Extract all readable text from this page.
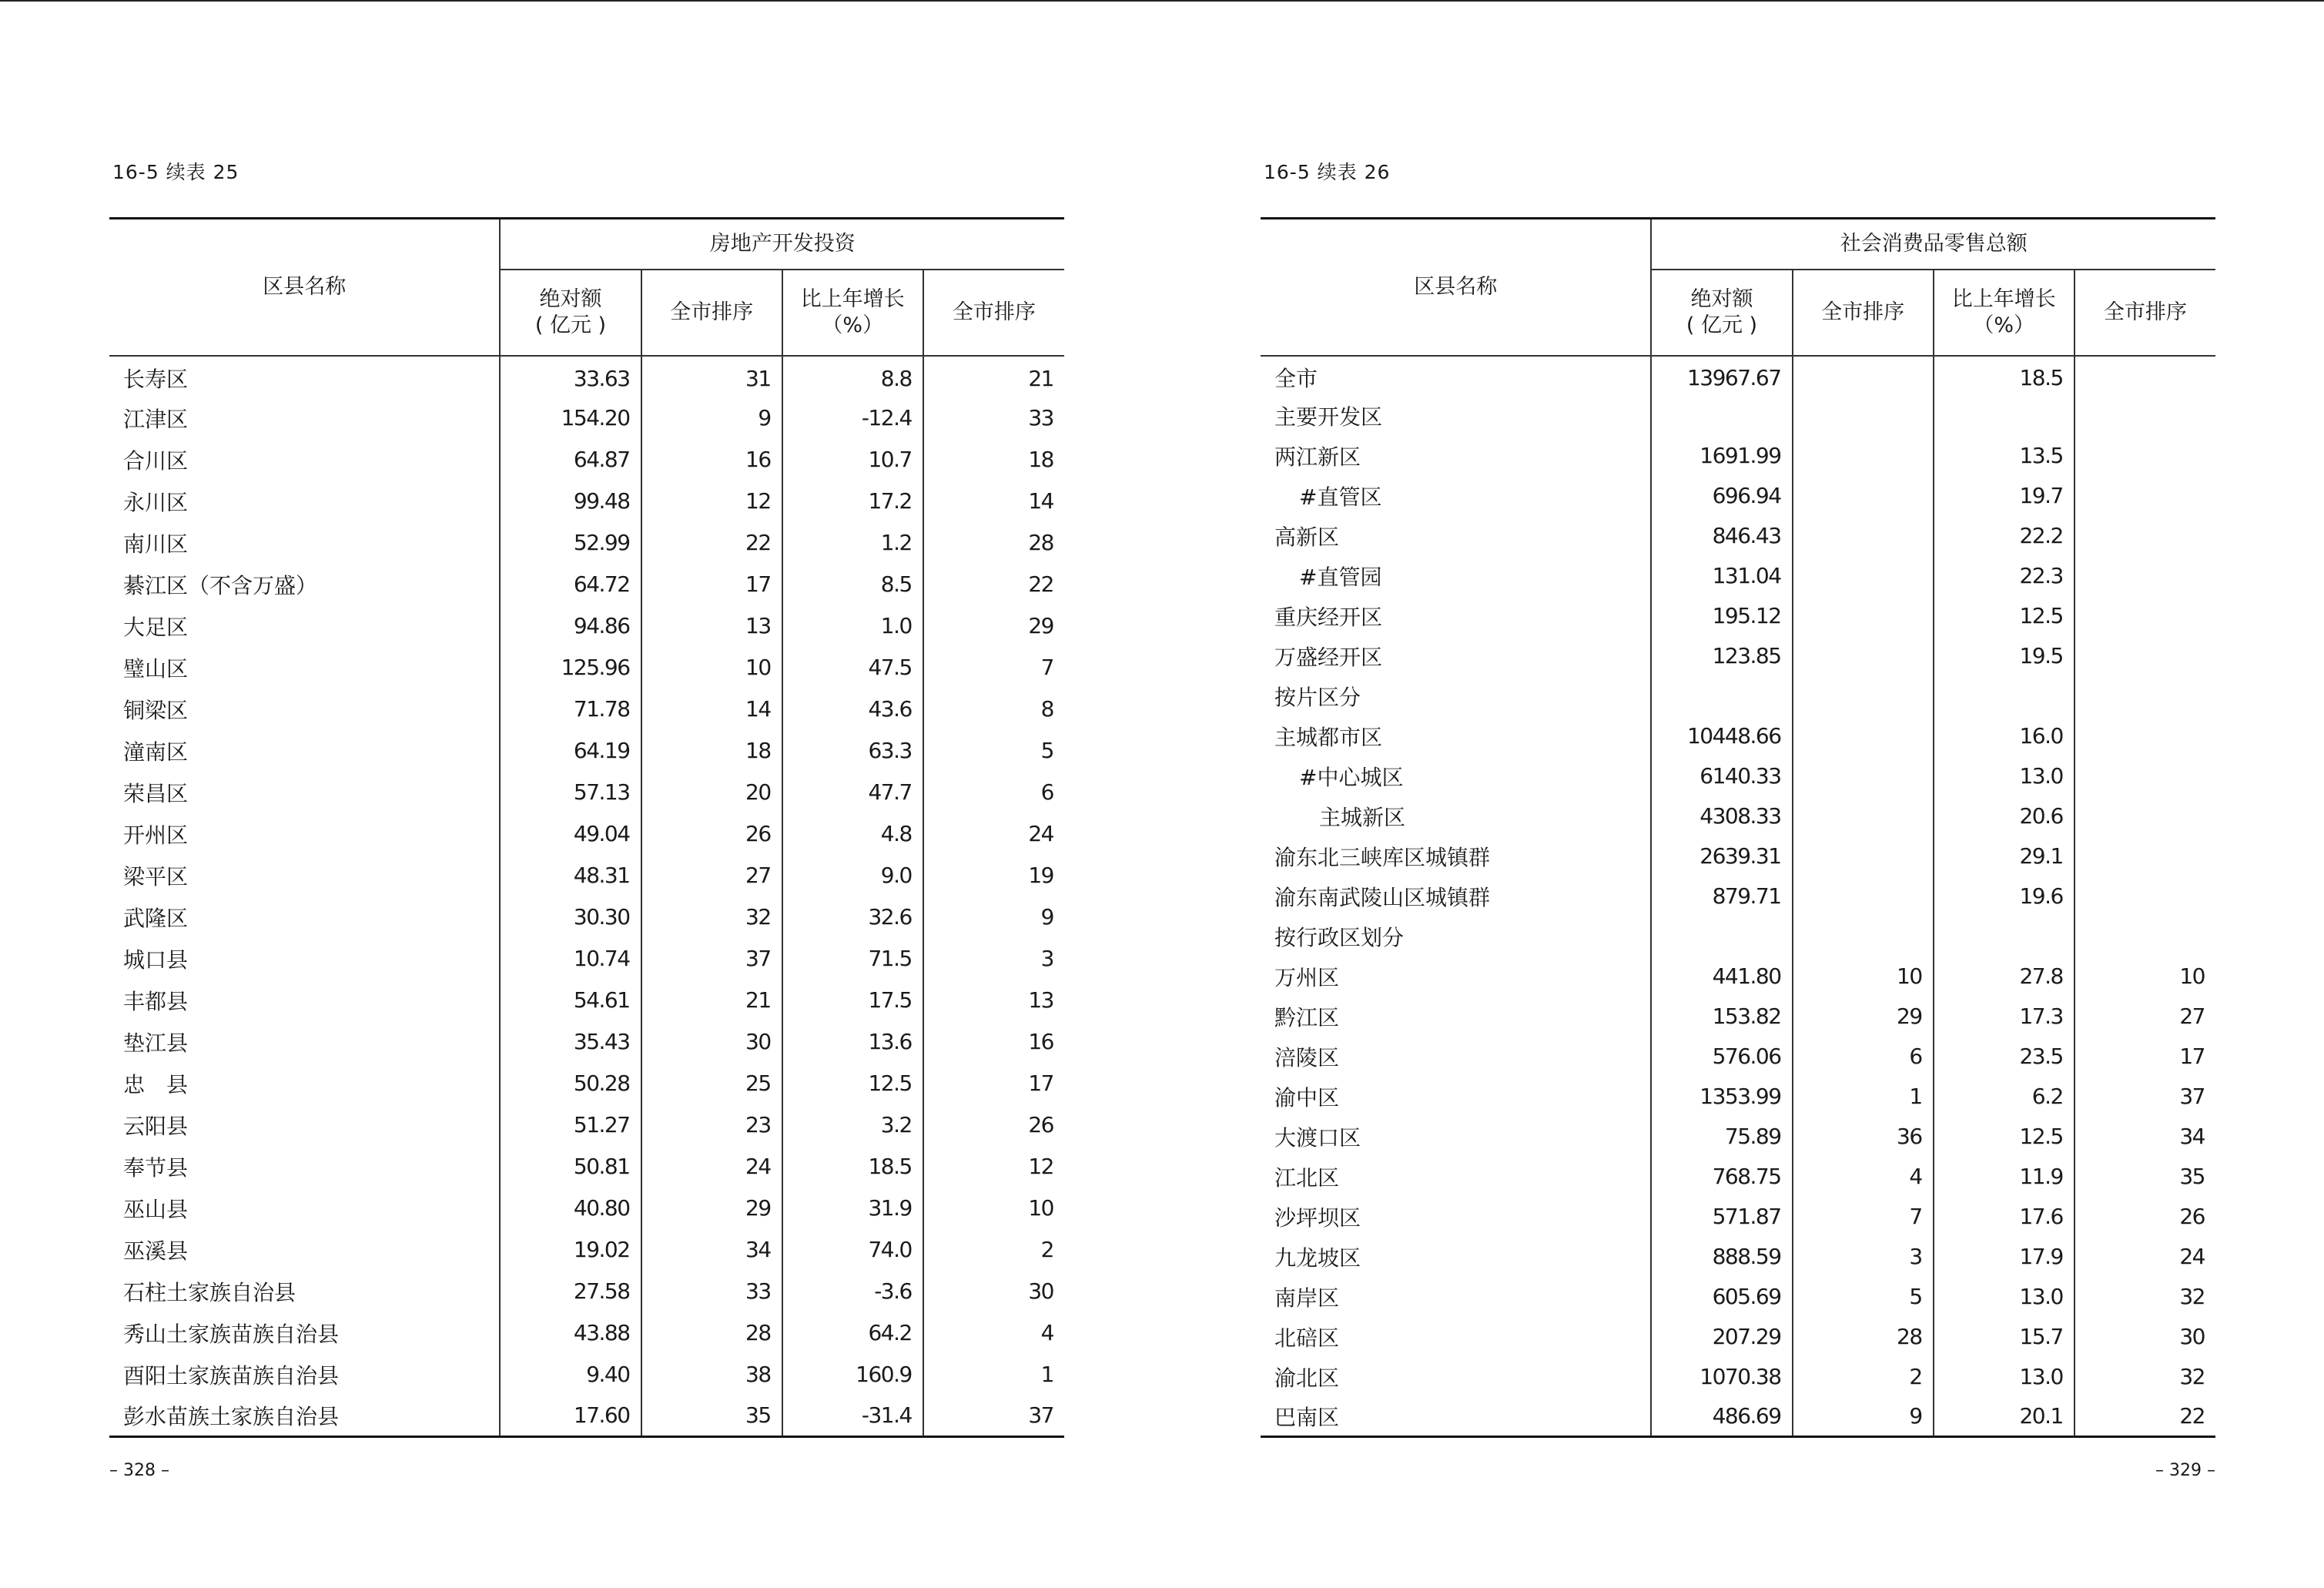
16-5 续表 25
区县名称	房地产开发投资			

	绝对额
( 亿元 )	全市排序	比上年增长
（%）	全市排序
长寿区	33.63	31	8.8	21
江津区	154.20	9	-12.4	33
合川区	64.87	16	10.7	18
永川区	99.48	12	17.2	14
南川区	52.99	22	1.2	28
綦江区（不含万盛）	64.72	17	8.5	22
大足区	94.86	13	1.0	29
璧山区	125.96	10	47.5	7
铜梁区	71.78	14	43.6	8
潼南区	64.19	18	63.3	5
荣昌区	57.13	20	47.7	6
开州区	49.04	26	4.8	24
梁平区	48.31	27	9.0	19
武隆区	30.30	32	32.6	9
城口县	10.74	37	71.5	3
丰都县	54.61	21	17.5	13
垫江县	35.43	30	13.6	16
忠　县	50.28	25	12.5	17
云阳县	51.27	23	3.2	26
奉节县	50.81	24	18.5	12
巫山县	40.80	29	31.9	10
巫溪县	19.02	34	74.0	2
石柱土家族自治县	27.58	33	-3.6	30
秀山土家族苗族自治县	43.88	28	64.2	4
酉阳土家族苗族自治县	9.40	38	160.9	1
彭水苗族土家族自治县	17.60	35	-31.4	37
– 328 –
16-5 续表 26
区县名称	社会消费品零售总额			

	绝对额
( 亿元 )	全市排序	比上年增长
（%）	全市排序
全市	13967.67		18.5	
主要开发区				
两江新区	1691.99		13.5	
#直管区	696.94		19.7	
高新区	846.43		22.2	
#直管园	131.04		22.3	
重庆经开区	195.12		12.5	
万盛经开区	123.85		19.5	
按片区分				
主城都市区	10448.66		16.0	
#中心城区	6140.33		13.0	
主城新区	4308.33		20.6	
渝东北三峡库区城镇群	2639.31		29.1	
渝东南武陵山区城镇群	879.71		19.6	
按行政区划分				
万州区	441.80	10	27.8	10
黔江区	153.82	29	17.3	27
涪陵区	576.06	6	23.5	17
渝中区	1353.99	1	6.2	37
大渡口区	75.89	36	12.5	34
江北区	768.75	4	11.9	35
沙坪坝区	571.87	7	17.6	26
九龙坡区	888.59	3	17.9	24
南岸区	605.69	5	13.0	32
北碚区	207.29	28	15.7	30
渝北区	1070.38	2	13.0	32
巴南区	486.69	9	20.1	22
– 329 –
